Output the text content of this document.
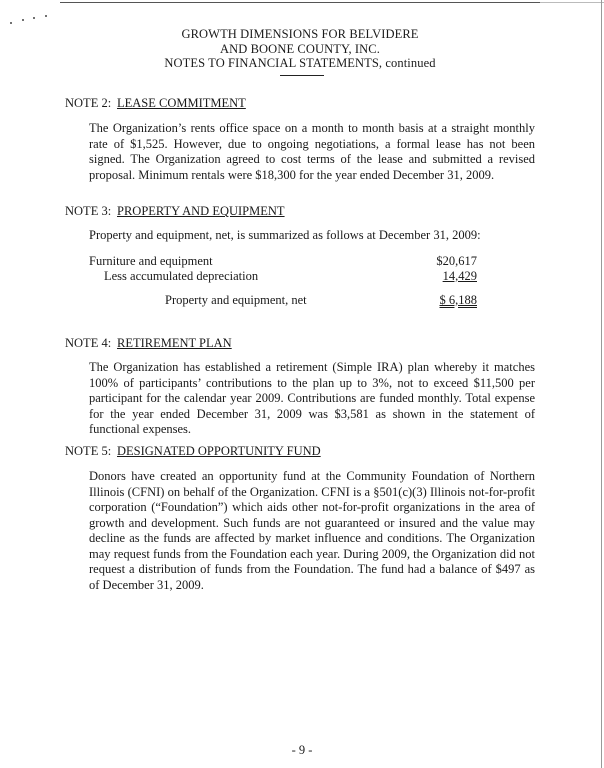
GROWTH DIMENSIONS FOR BELVIDERE
AND BOONE COUNTY, INC.
NOTES TO FINANCIAL STATEMENTS, continued
NOTE 2: LEASE COMMITMENT
The Organization’s rents office space on a month to month basis at a straight monthly rate of $1,525. However, due to ongoing negotiations, a formal lease has not been signed. The Organization agreed to cost terms of the lease and submitted a revised proposal. Minimum rentals were $18,300 for the year ended December 31, 2009.
NOTE 3: PROPERTY AND EQUIPMENT
Property and equipment, net, is summarized as follows at December 31, 2009:
Furniture and equipment	$20,617
Less accumulated depreciation	14,429
Property and equipment, net	$ 6,188
NOTE 4: RETIREMENT PLAN
The Organization has established a retirement (Simple IRA) plan whereby it matches 100% of participants’ contributions to the plan up to 3%, not to exceed $11,500 per participant for the calendar year 2009. Contributions are funded monthly. Total expense for the year ended December 31, 2009 was $3,581 as shown in the statement of functional expenses.
NOTE 5: DESIGNATED OPPORTUNITY FUND
Donors have created an opportunity fund at the Community Foundation of Northern Illinois (CFNI) on behalf of the Organization. CFNI is a §501(c)(3) Illinois not-for-profit corporation (“Foundation”) which aids other not-for-profit organizations in the area of growth and development. Such funds are not guaranteed or insured and the value may decline as the funds are affected by market influence and conditions. The Organization may request funds from the Foundation each year. During 2009, the Organization did not request a distribution of funds from the Foundation. The fund had a balance of $497 as of December 31, 2009.
- 9 -
